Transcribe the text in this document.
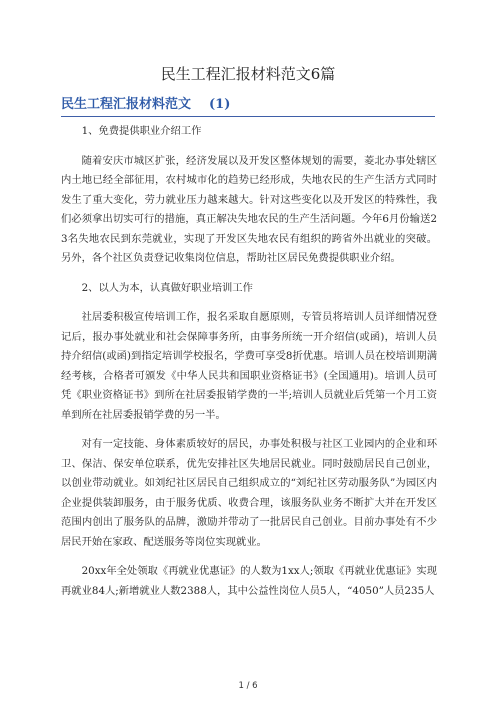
民生工程汇报材料范文6篇
民生工程汇报材料范文 (1)

1、免费提供职业介绍工作

随着安庆市城区扩张，经济发展以及开发区整体规划的需要，菱北办事处辖区内土地已经全部征用，农村城市化的趋势已经形成，失地农民的生产生活方式同时发生了重大变化，劳力就业压力越来越大。针对这些变化以及开发区的特殊性，我们必须拿出切实可行的措施，真正解决失地农民的生产生活问题。今年6月份输送23名失地农民到东莞就业，实现了开发区失地农民有组织的跨省外出就业的突破。另外，各个社区负责登记收集岗位信息，帮助社区居民免费提供职业介绍。

2、以人为本，认真做好职业培训工作

社居委积极宣传培训工作，报名采取自愿原则，专管员将培训人员详细情况登记后，报办事处就业和社会保障事务所，由事务所统一开介绍信(或函)，培训人员持介绍信(或函)到指定培训学校报名，学费可享受8折优惠。培训人员在校培训期满经考核，合格者可颁发《中华人民共和国职业资格证书》(全国通用)。培训人员可凭《职业资格证书》到所在社居委报销学费的一半;培训人员就业后凭第一个月工资单到所在社居委报销学费的另一半。

对有一定技能、身体素质较好的居民，办事处积极与社区工业园内的企业和环卫、保洁、保安单位联系，优先安排社区失地居民就业。同时鼓励居民自己创业，以创业带动就业。如刘纪社区居民自己组织成立的“刘纪社区劳动服务队”为园区内企业提供装卸服务，由于服务优质、收费合理，该服务队业务不断扩大并在开发区范围内创出了服务队的品牌，激励并带动了一批居民自己创业。目前办事处有不少居民开始在家政、配送服务等岗位实现就业。

20xx年全处领取《再就业优惠证》的人数为1xx人;领取《再就业优惠证》实现再就业84人;新增就业人数2388人，其中公益性岗位人员5人，“4050”人员235人

1 / 6
